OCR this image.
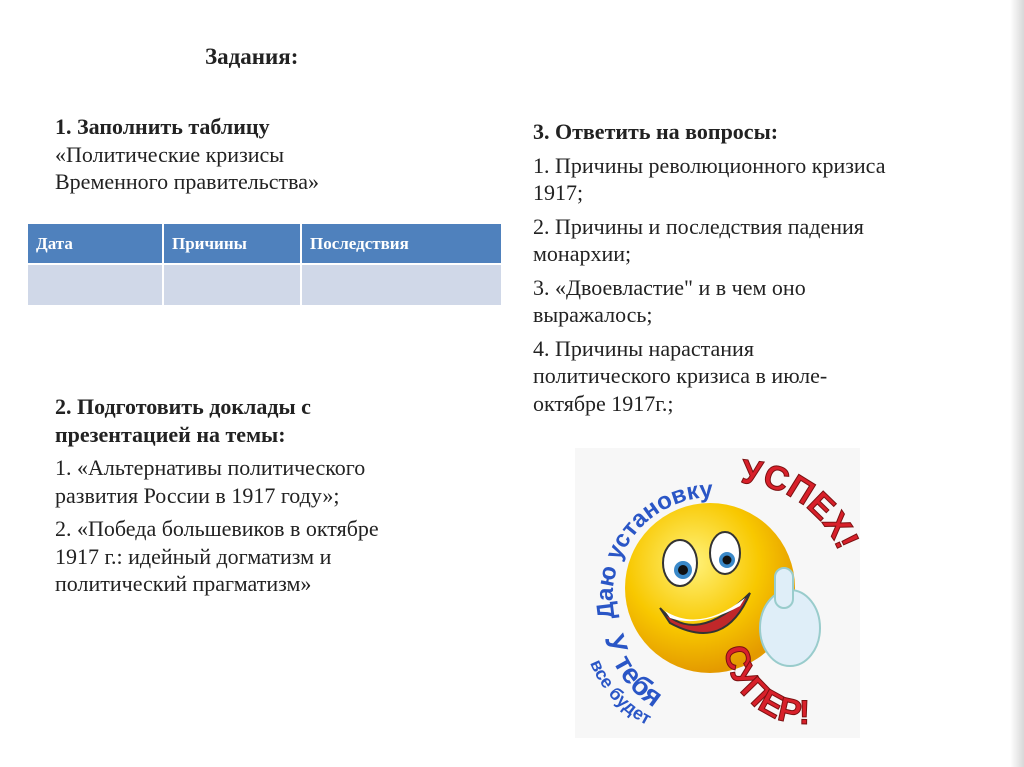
Задания:

1. Заполнить таблицу

«Политические кризисы

Временного правительства»

Дата	Причины	Последствия

2. Подготовить доклады с

презентацией на темы:

1. «Альтернативы политического

развития России в 1917 году»;

2. «Победа большевиков в октябре

1917 г.: идейный догматизм и

политический прагматизм»

3. Ответить на вопросы:

1. Причины революционного кризиса

1917;

2. Причины и последствия падения

монархии;

3. «Двоевластие" и в чем оно

выражалось;

4. Причины нарастания

политического кризиса в июле-

октябре 1917г.;

Даю установку УСПЕХ
У тебя
все будет
СУПЕР!
